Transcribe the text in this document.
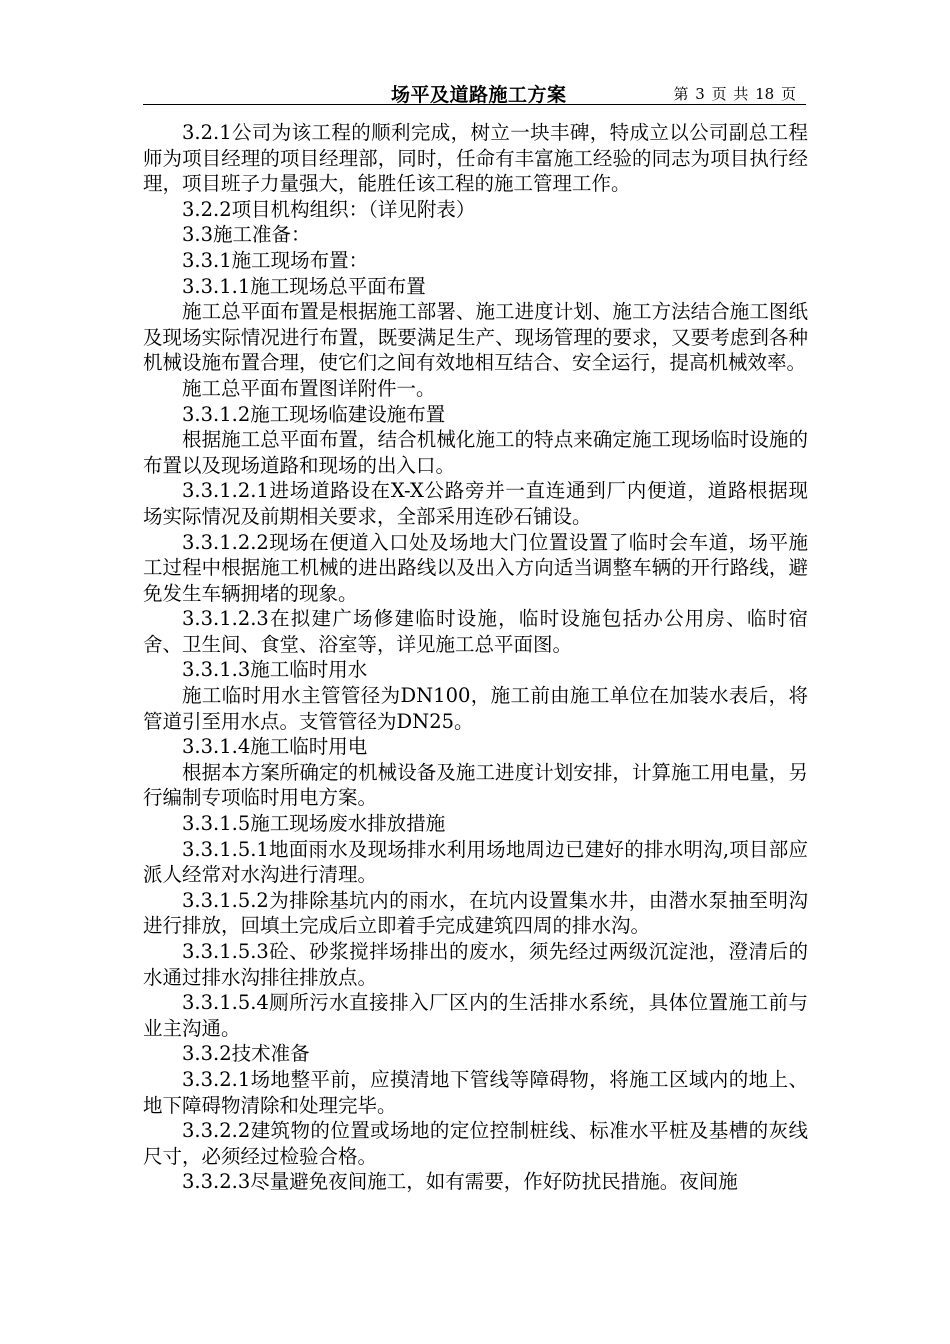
场平及道路施工方案	第 3 页 共 18 页

3.2.1公司为该工程的顺利完成，树立一块丰碑，特成立以公司副总工程师为项目经理的项目经理部，同时，任命有丰富施工经验的同志为项目执行经理，项目班子力量强大，能胜任该工程的施工管理工作。

3.2.2项目机构组织：（详见附表）

3.3施工准备：

3.3.1施工现场布置：

3.3.1.1施工现场总平面布置

施工总平面布置是根据施工部署、施工进度计划、施工方法结合施工图纸及现场实际情况进行布置，既要满足生产、现场管理的要求，又要考虑到各种机械设施布置合理，使它们之间有效地相互结合、安全运行，提高机械效率。

施工总平面布置图详附件一。

3.3.1.2施工现场临建设施布置

根据施工总平面布置，结合机械化施工的特点来确定施工现场临时设施的布置以及现场道路和现场的出入口。

3.3.1.2.1进场道路设在X-X公路旁并一直连通到厂内便道，道路根据现场实际情况及前期相关要求，全部采用连砂石铺设。

3.3.1.2.2现场在便道入口处及场地大门位置设置了临时会车道，场平施工过程中根据施工机械的进出路线以及出入方向适当调整车辆的开行路线，避免发生车辆拥堵的现象。

3.3.1.2.3在拟建广场修建临时设施，临时设施包括办公用房、临时宿舍、卫生间、食堂、浴室等，详见施工总平面图。

3.3.1.3施工临时用水

施工临时用水主管管径为DN100，施工前由施工单位在加装水表后，将管道引至用水点。支管管径为DN25。

3.3.1.4施工临时用电

根据本方案所确定的机械设备及施工进度计划安排，计算施工用电量，另行编制专项临时用电方案。

3.3.1.5施工现场废水排放措施

3.3.1.5.1地面雨水及现场排水利用场地周边已建好的排水明沟,项目部应派人经常对水沟进行清理。

3.3.1.5.2为排除基坑内的雨水，在坑内设置集水井，由潜水泵抽至明沟进行排放，回填土完成后立即着手完成建筑四周的排水沟。

3.3.1.5.3砼、砂浆搅拌场排出的废水，须先经过两级沉淀池，澄清后的水通过排水沟排往排放点。

3.3.1.5.4厕所污水直接排入厂区内的生活排水系统，具体位置施工前与业主沟通。

3.3.2技术准备

3.3.2.1场地整平前，应摸清地下管线等障碍物，将施工区域内的地上、地下障碍物清除和处理完毕。

3.3.2.2建筑物的位置或场地的定位控制桩线、标准水平桩及基槽的灰线尺寸，必须经过检验合格。

3.3.2.3尽量避免夜间施工，如有需要，作好防扰民措施。夜间施
